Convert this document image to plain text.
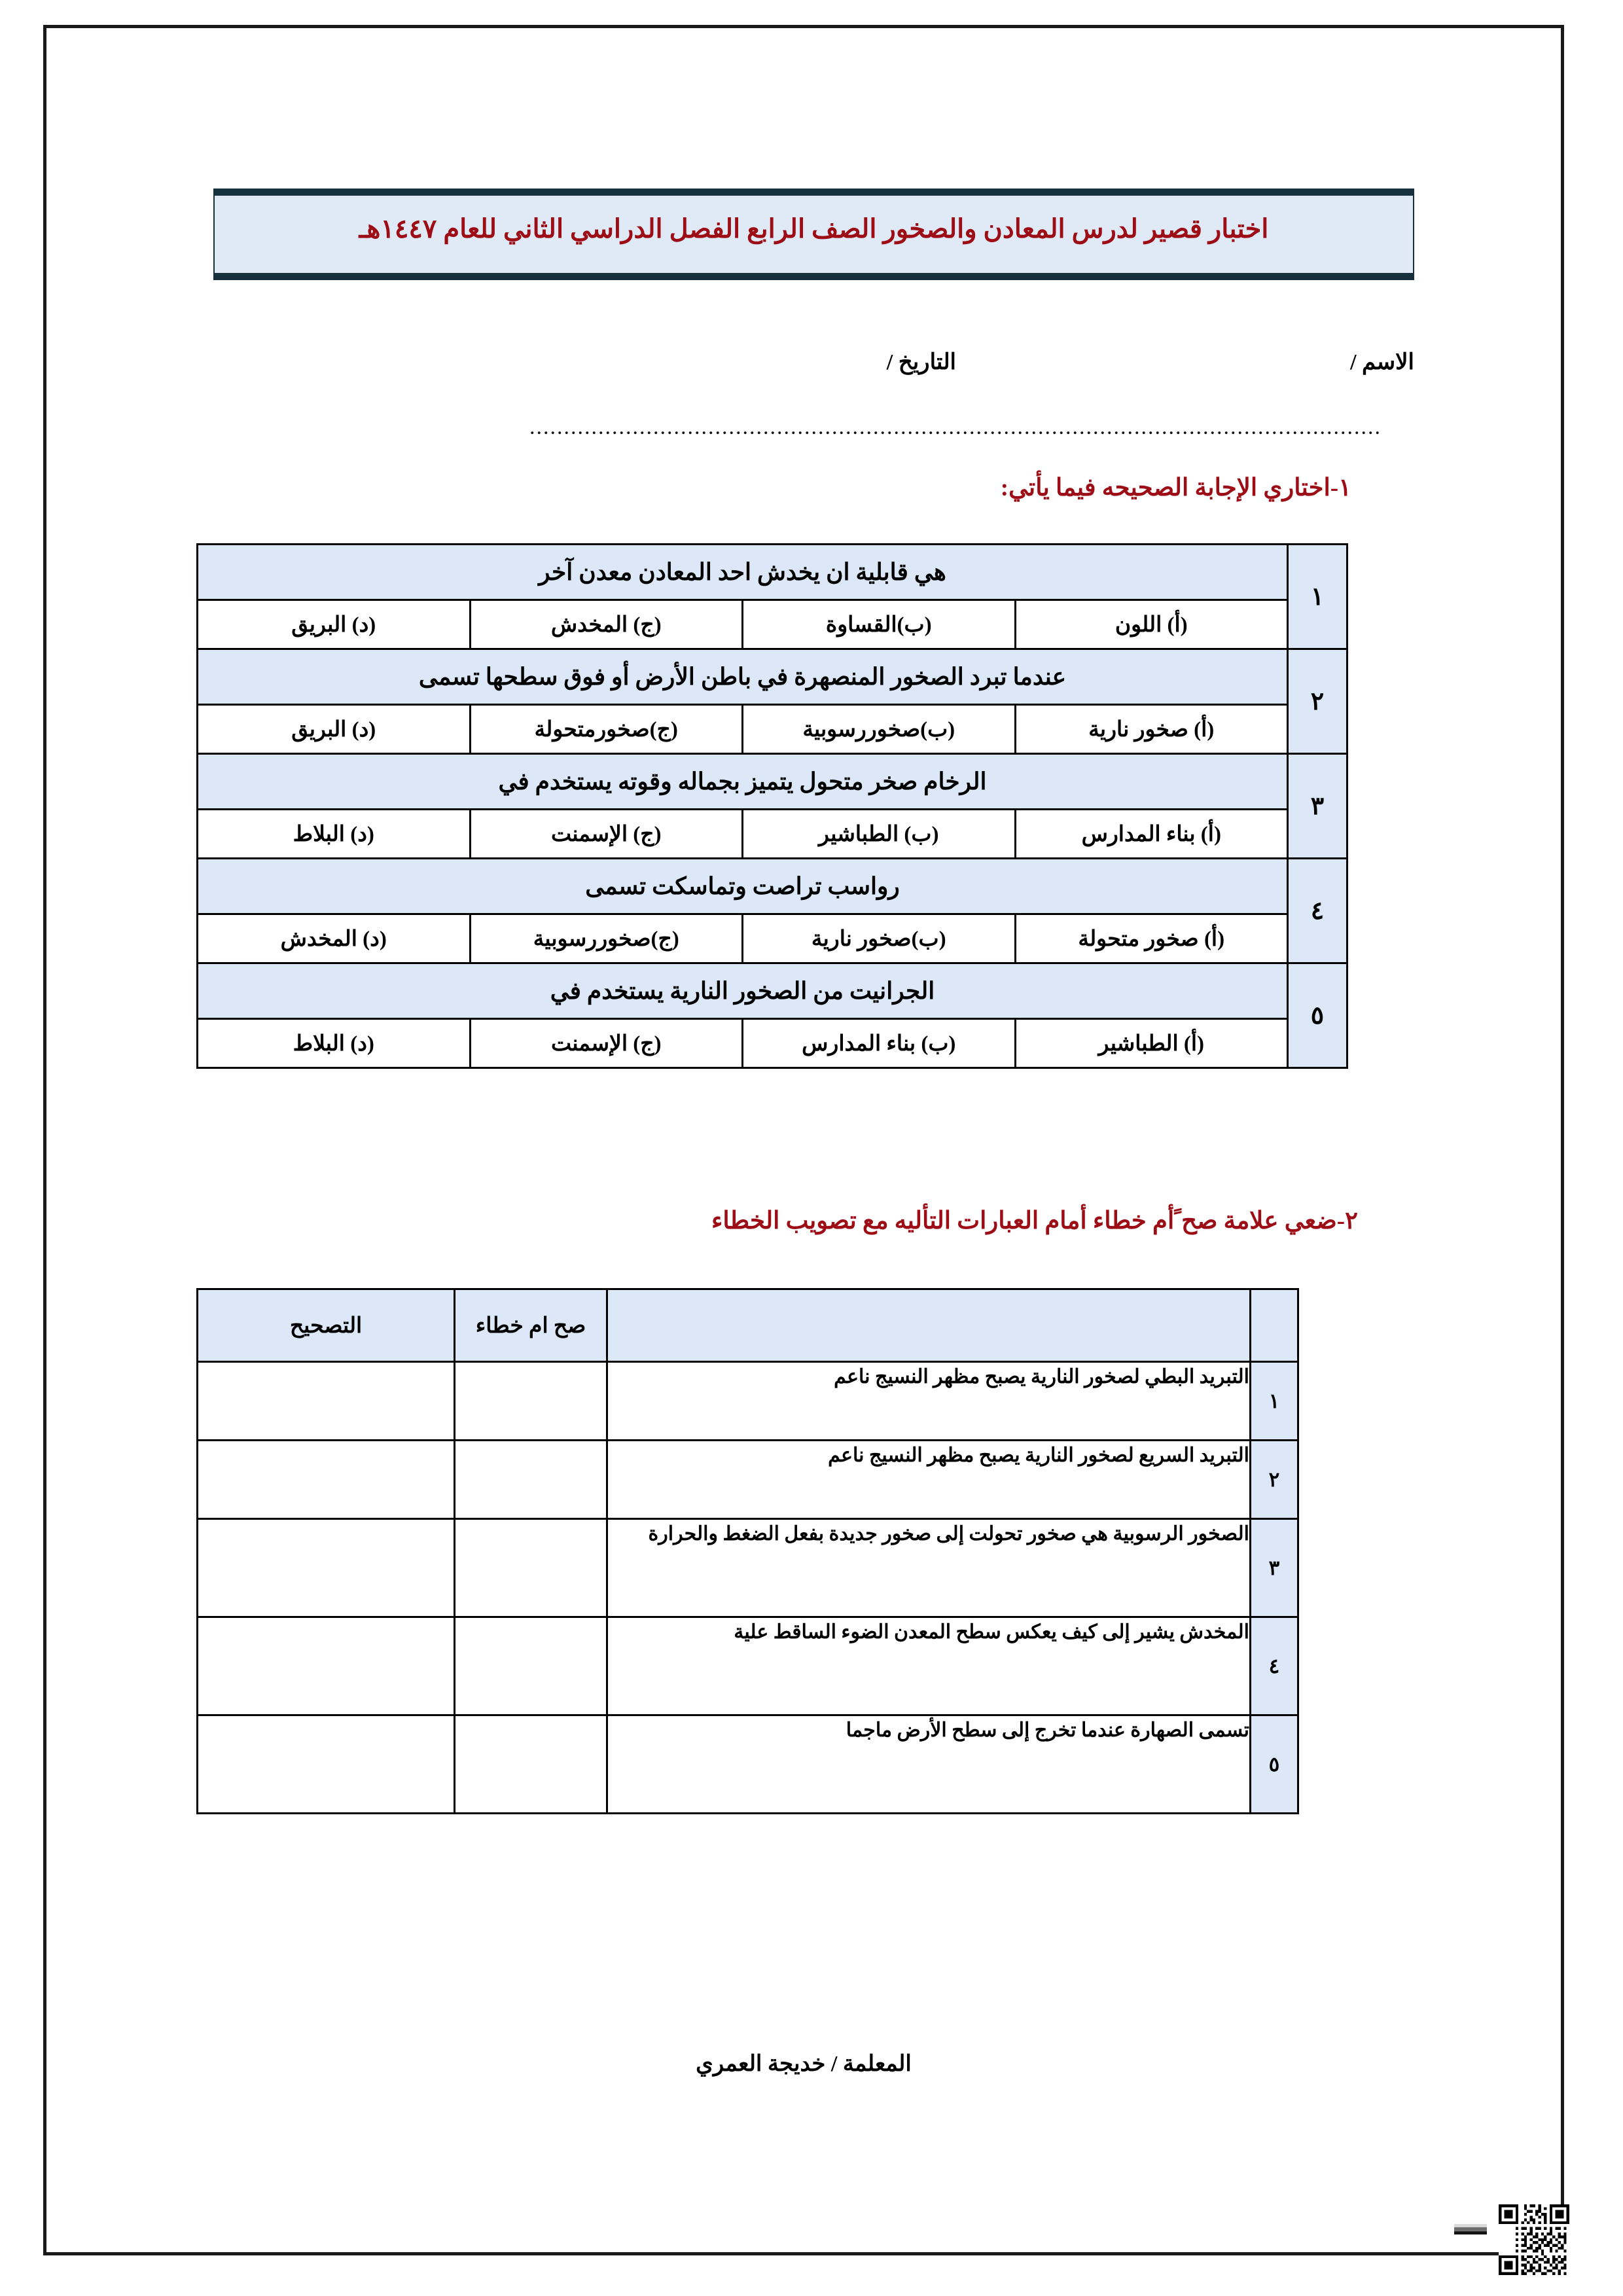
اختبار قصير لدرس المعادن والصخور الصف الرابع الفصل الدراسي الثاني للعام ١٤٤٧هـ
الاسم /
التاريخ /
............................................................................................................................
١-اختاري الإجابة الصحيحه فيما يأتي:
١	هي قابلية ان يخدش احد المعادن معدن آخر			
	(أ) اللون	(ب)القساوة	(ج) المخدش	(د) البريق
٢	عندما تبرد الصخور المنصهرة في باطن الأرض أو فوق سطحها تسمى			
	(أ) صخور نارية	(ب)صخوررسوبية	(ج)صخورمتحولة	(د) البريق
٣	الرخام صخر متحول يتميز بجماله وقوته يستخدم في			
	(أ) بناء المدارس	(ب) الطباشير	(ج) الإسمنت	(د) البلاط
٤	رواسب تراصت وتماسكت تسمى			
	(أ) صخور متحولة	(ب)صخور نارية	(ج)صخوررسوبية	(د) المخدش
٥	الجرانيت من الصخور النارية يستخدم في			
	(أ) الطباشير	(ب) بناء المدارس	(ج) الإسمنت	(د) البلاط
٢-ضعي علامة صح ًأم خطاء أمام العبارات التأليه مع تصويب الخطاء
		صح ام خطاء	التصحيح
١	التبريد البطي لصخور النارية يصبح مظهر النسيج ناعم		
٢	التبريد السريع لصخور النارية يصبح مظهر النسيج ناعم		
٣	الصخور الرسوبية هي صخور تحولت إلى صخور جديدة بفعل الضغط والحرارة		
٤	المخدش يشير إلى كيف يعكس سطح المعدن الضوء الساقط علية		
٥	تسمى الصهارة عندما تخرج إلى سطح الأرض ماجما		
المعلمة / خديجة العمري
